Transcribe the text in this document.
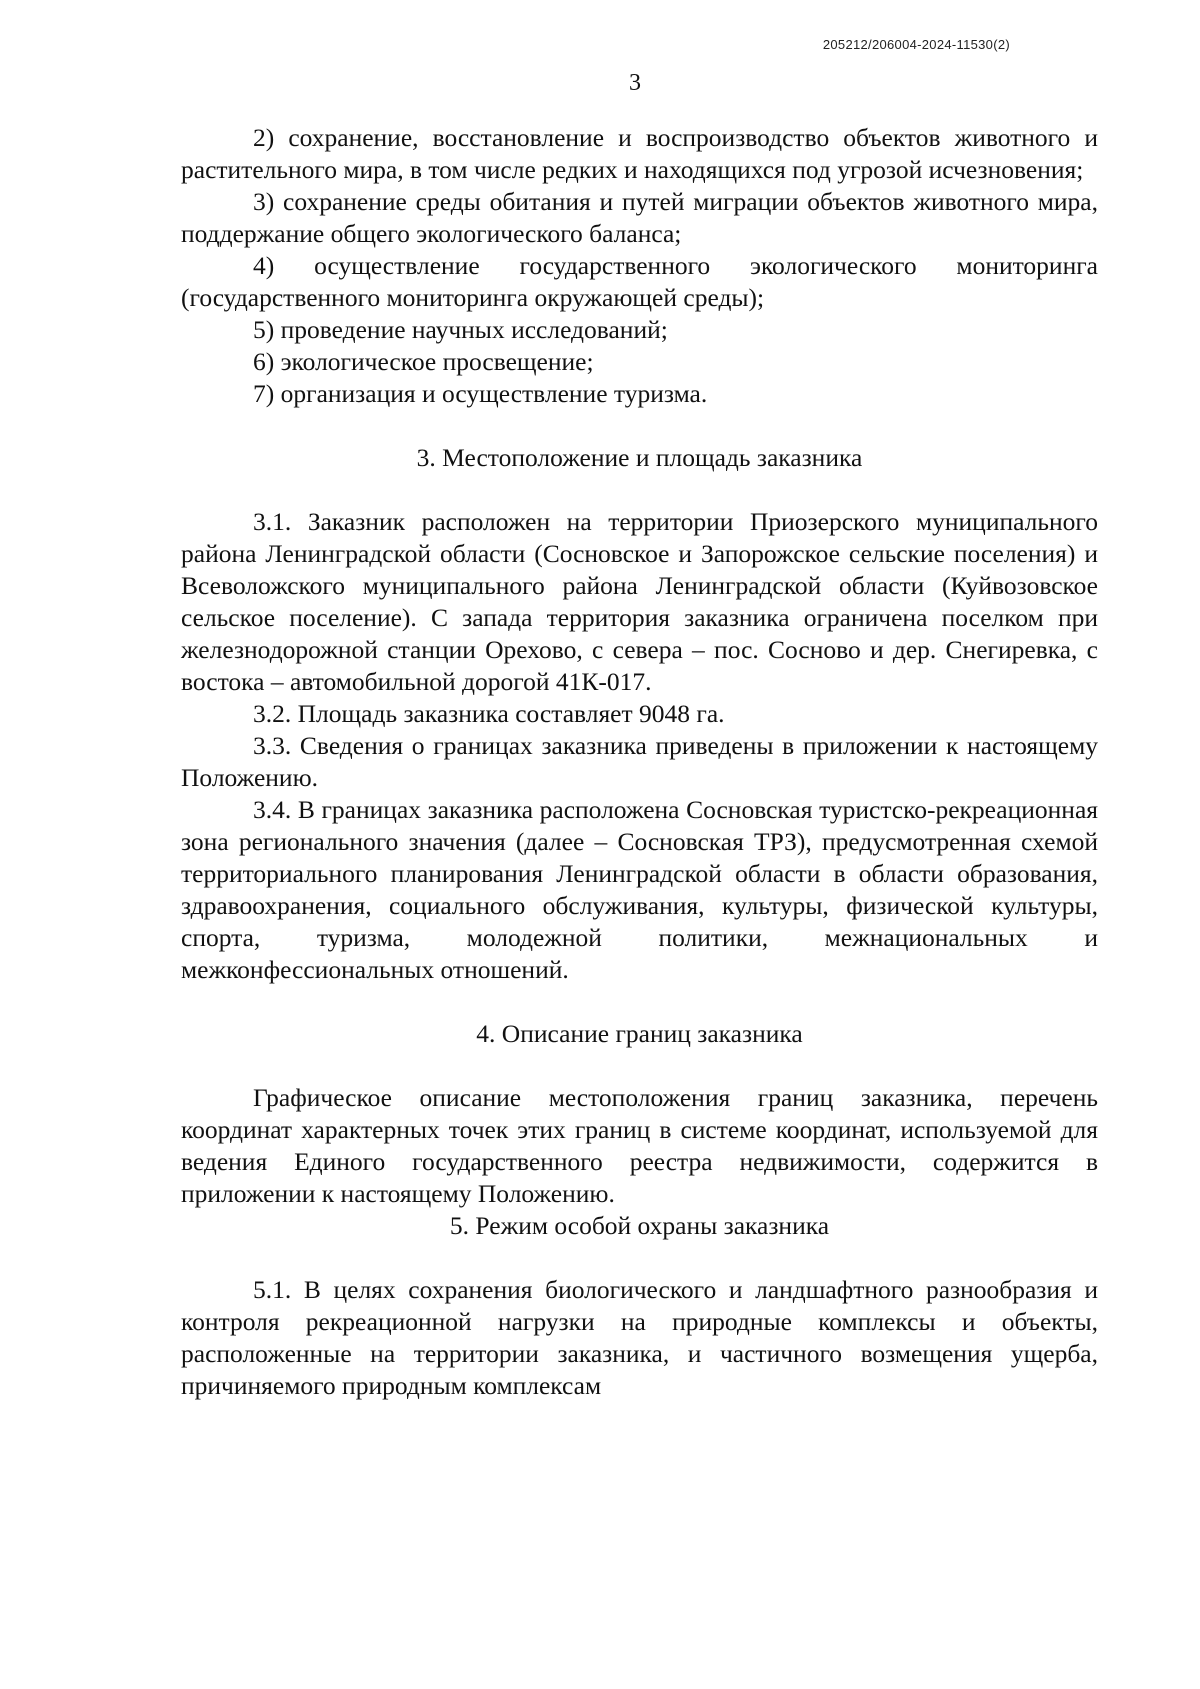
205212/206004-2024-11530(2)
3

2) сохранение, восстановление и воспроизводство объектов животного и растительного мира, в том числе редких и находящихся под угрозой исчезновения;

3) сохранение среды обитания и путей миграции объектов животного мира, поддержание общего экологического баланса;

4) осуществление государственного экологического мониторинга (государственного мониторинга окружающей среды);

5) проведение научных исследований;

6) экологическое просвещение;

7) организация и осуществление туризма.

3. Местоположение и площадь заказника

3.1. Заказник расположен на территории Приозерского муниципального района Ленинградской области (Сосновское и Запорожское сельские поселения) и Всеволожского муниципального района Ленинградской области (Куйвозовское сельское поселение). С запада территория заказника ограничена поселком при железнодорожной станции Орехово, с севера – пос. Сосново и дер. Снегиревка, с востока – автомобильной дорогой 41К-017.

3.2. Площадь заказника составляет 9048 га.

3.3. Сведения о границах заказника приведены в приложении к настоящему Положению.

3.4. В границах заказника расположена Сосновская туристско-рекреационная зона регионального значения (далее – Сосновская ТРЗ), предусмотренная схемой территориального планирования Ленинградской области в области образования, здравоохранения, социального обслуживания, культуры, физической культуры, спорта, туризма, молодежной политики, межнациональных и межконфессиональных отношений.

4. Описание границ заказника

Графическое описание местоположения границ заказника, перечень координат характерных точек этих границ в системе координат, используемой для ведения Единого государственного реестра недвижимости, содержится в приложении к настоящему Положению.

5. Режим особой охраны заказника

5.1. В целях сохранения биологического и ландшафтного разнообразия и контроля рекреационной нагрузки на природные комплексы и объекты, расположенные на территории заказника, и частичного возмещения ущерба, причиняемого природным комплексам
